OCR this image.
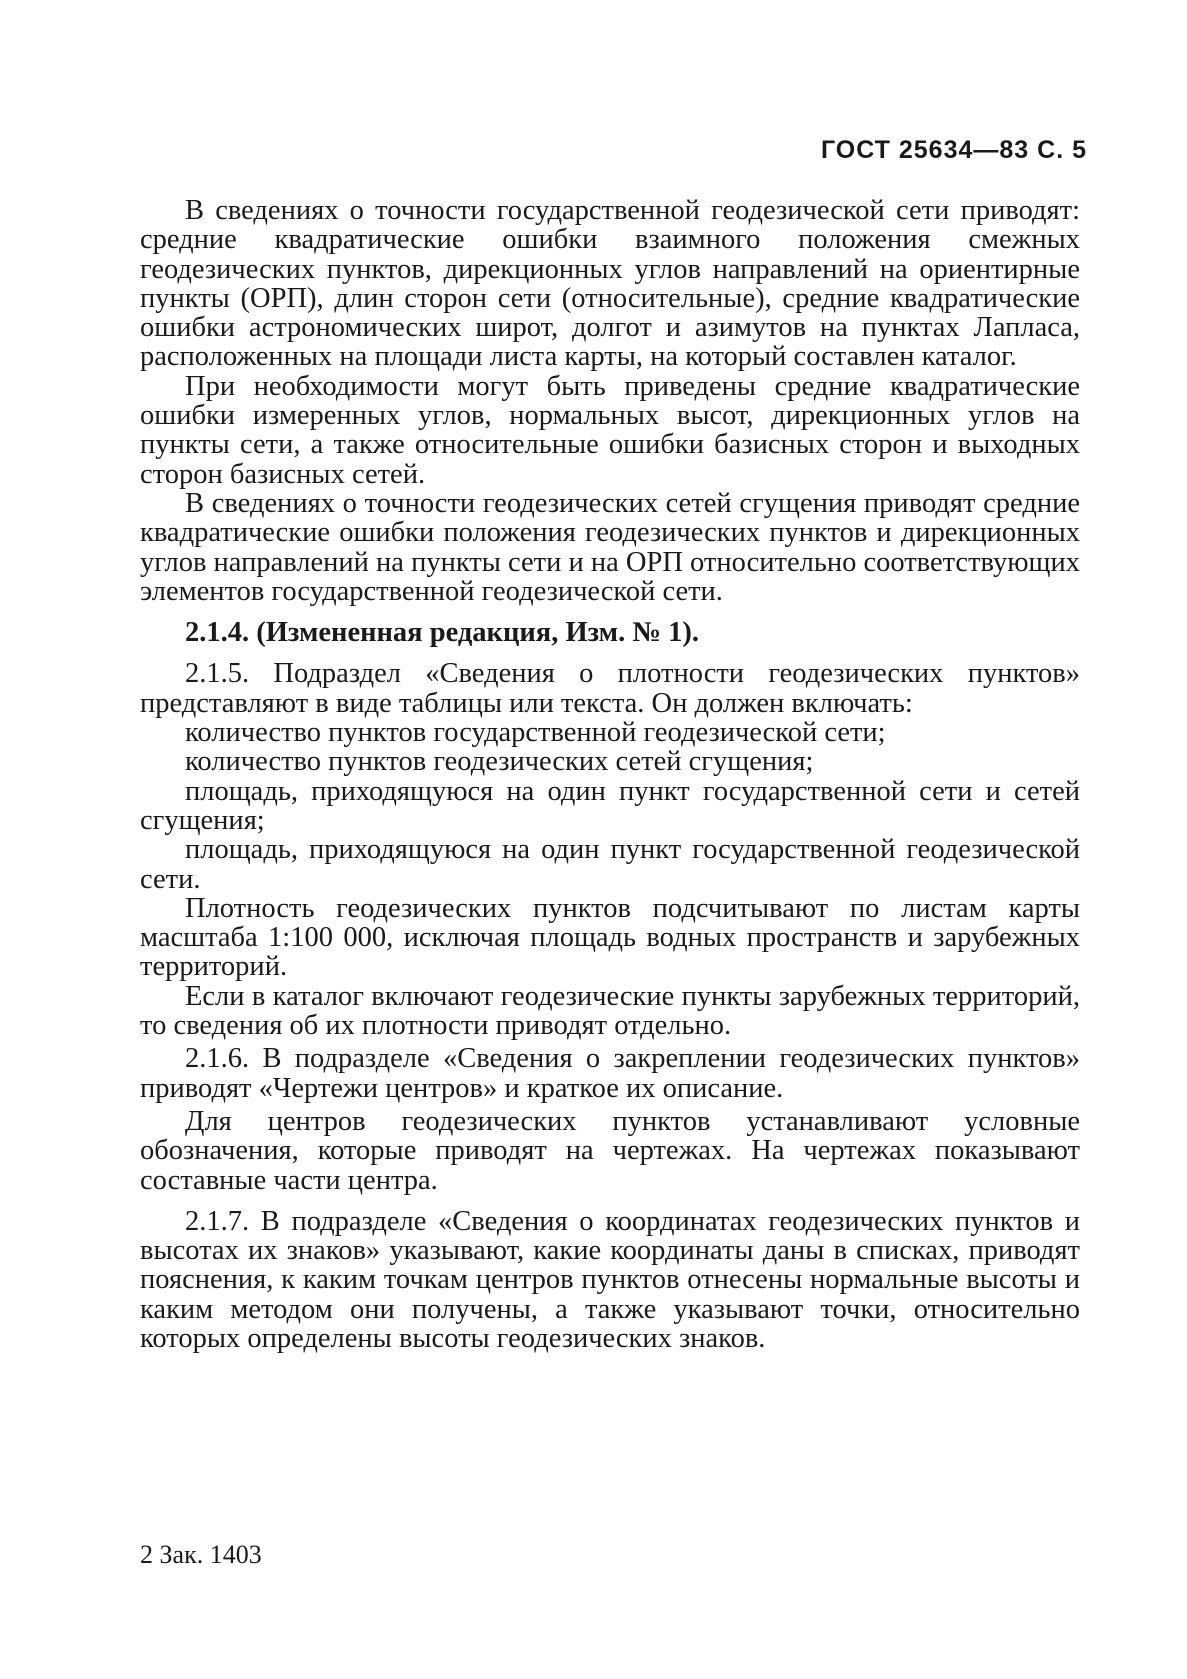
ГОСТ 25634—83 С. 5

В сведениях о точности государственной геодезической сети приводят: средние квадратические ошибки взаимного положения смежных геодезических пунктов, дирекционных углов направлений на ориентирные пункты (ОРП), длин сторон сети (относительные), средние квадратические ошибки астрономических широт, долгот и азимутов на пунктах Лапласа, расположенных на площади листа карты, на который составлен каталог.

При необходимости могут быть приведены средние квадратические ошибки измеренных углов, нормальных высот, дирекционных углов на пункты сети, а также относительные ошибки базисных сторон и выходных сторон базисных сетей.

В сведениях о точности геодезических сетей сгущения приводят средние квадратические ошибки положения геодезических пунктов и дирекционных углов направлений на пункты сети и на ОРП относительно соответствующих элементов государственной геодезической сети.

2.1.4. (Измененная редакция, Изм. № 1).

2.1.5. Подраздел «Сведения о плотности геодезических пунктов» представляют в виде таблицы или текста. Он должен включать:

количество пунктов государственной геодезической сети;

количество пунктов геодезических сетей сгущения;

площадь, приходящуюся на один пункт государственной сети и сетей сгущения;

площадь, приходящуюся на один пункт государственной геодезической сети.

Плотность геодезических пунктов подсчитывают по листам карты масштаба 1:100 000, исключая площадь водных пространств и зарубежных территорий.

Если в каталог включают геодезические пункты зарубежных территорий, то сведения об их плотности приводят отдельно.

2.1.6. В подразделе «Сведения о закреплении геодезических пунктов» приводят «Чертежи центров» и краткое их описание.

Для центров геодезических пунктов устанавливают условные обозначения, которые приводят на чертежах. На чертежах показывают составные части центра.

2.1.7. В подразделе «Сведения о координатах геодезических пунктов и высотах их знаков» указывают, какие координаты даны в списках, приводят пояснения, к каким точкам центров пунктов отнесены нормальные высоты и каким методом они получены, а также указывают точки, относительно которых определены высоты геодезических знаков.

2 Зак. 1403
